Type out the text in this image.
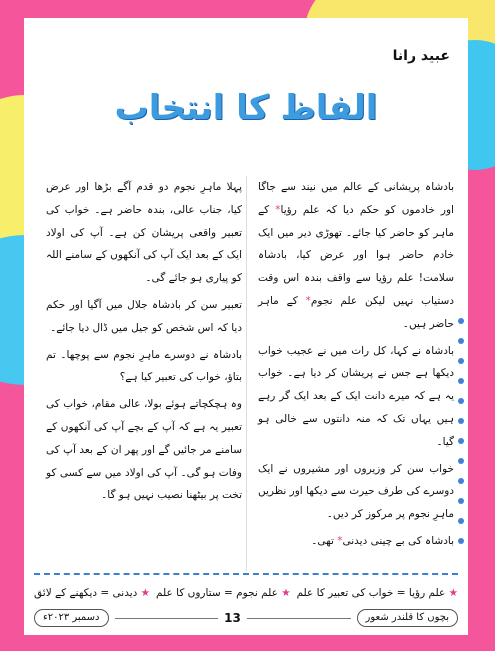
عبید رانا
الفاظ کا انتخاب

بادشاہ پریشانی کے عالم میں نیند سے جاگا اور خادموں کو حکم دیا کہ علم رؤیا* کے ماہر کو حاضر کیا جائے۔ تھوڑی دیر میں ایک خادم حاضر ہوا اور عرض کیا، بادشاہ سلامت! علم رؤیا سے واقف بندہ اس وقت دستیاب نہیں لیکن علم نجوم* کے ماہر حاضر ہیں۔

بادشاہ نے کہا، کل رات میں نے عجیب خواب دیکھا ہے جس نے پریشان کر دیا ہے۔ خواب یہ ہے کہ میرے دانت ایک کے بعد ایک گر رہے ہیں یہاں تک کہ منہ دانتوں سے خالی ہو گیا۔

خواب سن کر وزیروں اور مشیروں نے ایک دوسرے کی طرف حیرت سے دیکھا اور نظریں ماہرِ نجوم پر مرکوز کر دیں۔

بادشاہ کی بے چینی دیدنی* تھی۔

پہلا ماہرِ نجوم دو قدم آگے بڑھا اور عرض کیا، جناب عالی، بندہ حاضر ہے۔ خواب کی تعبیر واقعی پریشان کن ہے۔ آپ کی اولاد ایک کے بعد ایک آپ کی آنکھوں کے سامنے اللہ کو پیاری ہو جائے گی۔

تعبیر سن کر بادشاہ جلال میں آگیا اور حکم دیا کہ اس شخص کو جیل میں ڈال دیا جائے۔

بادشاہ نے دوسرے ماہرِ نجوم سے پوچھا۔ تم بتاؤ، خواب کی تعبیر کیا ہے؟

وہ ہچکچاتے ہوئے بولا، عالی مقام، خواب کی تعبیر یہ ہے کہ آپ کے بچے آپ کی آنکھوں کے سامنے مر جائیں گے اور پھر ان کے بعد آپ کی وفات ہو گی۔ آپ کی اولاد میں سے کسی کو تخت پر بیٹھنا نصیب نہیں ہو گا۔

★ علم رؤیا = خواب کی تعبیر کا علم
★ علم نجوم = ستاروں کا علم
★ دیدنی = دیکھنے کے لائق
دسمبر ۲۰۲۳ء	13	بچوں کا قلندر شعور
